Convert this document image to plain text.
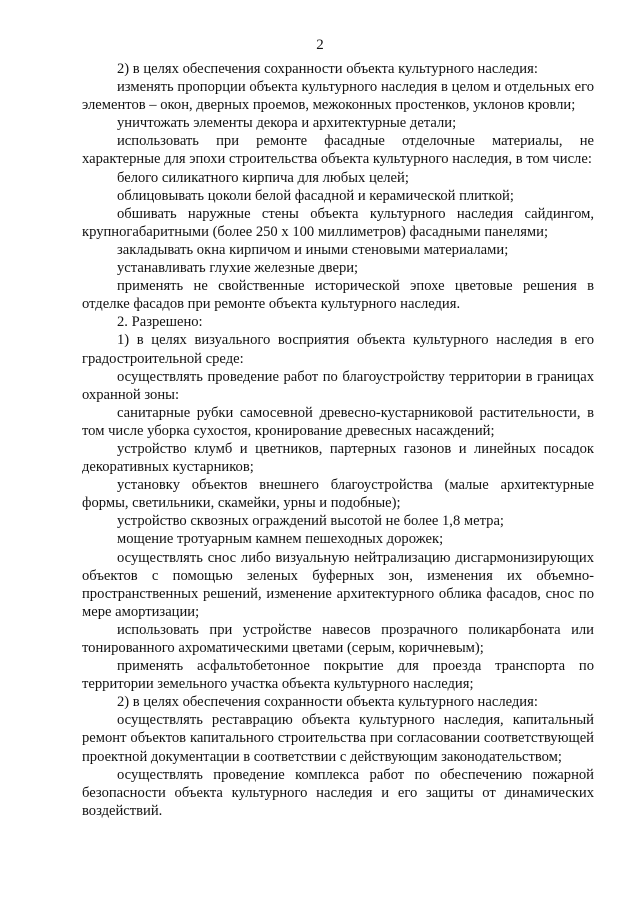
2

2) в целях обеспечения сохранности объекта культурного наследия:

изменять пропорции объекта культурного наследия в целом и отдельных его элементов – окон, дверных проемов, межоконных простенков, уклонов кровли;

уничтожать элементы декора и архитектурные детали;

использовать при ремонте фасадные отделочные материалы, не характерные для эпохи строительства объекта культурного наследия, в том числе:

белого силикатного кирпича для любых целей;

облицовывать цоколи белой фасадной и керамической плиткой;

обшивать наружные стены объекта культурного наследия сайдингом, крупногабаритными (более 250 х 100 миллиметров) фасадными панелями;

закладывать окна кирпичом и иными стеновыми материалами;

устанавливать глухие железные двери;

применять не свойственные исторической эпохе цветовые решения в отделке фасадов при ремонте объекта культурного наследия.

2. Разрешено:

1) в целях визуального восприятия объекта культурного наследия в его градостроительной среде:

осуществлять проведение работ по благоустройству территории в границах охранной зоны:

санитарные рубки самосевной древесно-кустарниковой растительности, в том числе уборка сухостоя, кронирование древесных насаждений;

устройство клумб и цветников, партерных газонов и линейных посадок декоративных кустарников;

установку объектов внешнего благоустройства (малые архитектурные формы, светильники, скамейки, урны и подобные);

устройство сквозных ограждений высотой не более 1,8 метра;

мощение тротуарным камнем пешеходных дорожек;

осуществлять снос либо визуальную нейтрализацию дисгармонизирующих объектов с помощью зеленых буферных зон, изменения их объемно-пространственных решений, изменение архитектурного облика фасадов, снос по мере амортизации;

использовать при устройстве навесов прозрачного поликарбоната или тонированного ахроматическими цветами (серым, коричневым);

применять асфальтобетонное покрытие для проезда транспорта по территории земельного участка объекта культурного наследия;

2) в целях обеспечения сохранности объекта культурного наследия:

осуществлять реставрацию объекта культурного наследия, капитальный ремонт объектов капитального строительства при согласовании соответствующей проектной документации в соответствии с действующим законодательством;

осуществлять проведение комплекса работ по обеспечению пожарной безопасности объекта культурного наследия и его защиты от динамических воздействий.
